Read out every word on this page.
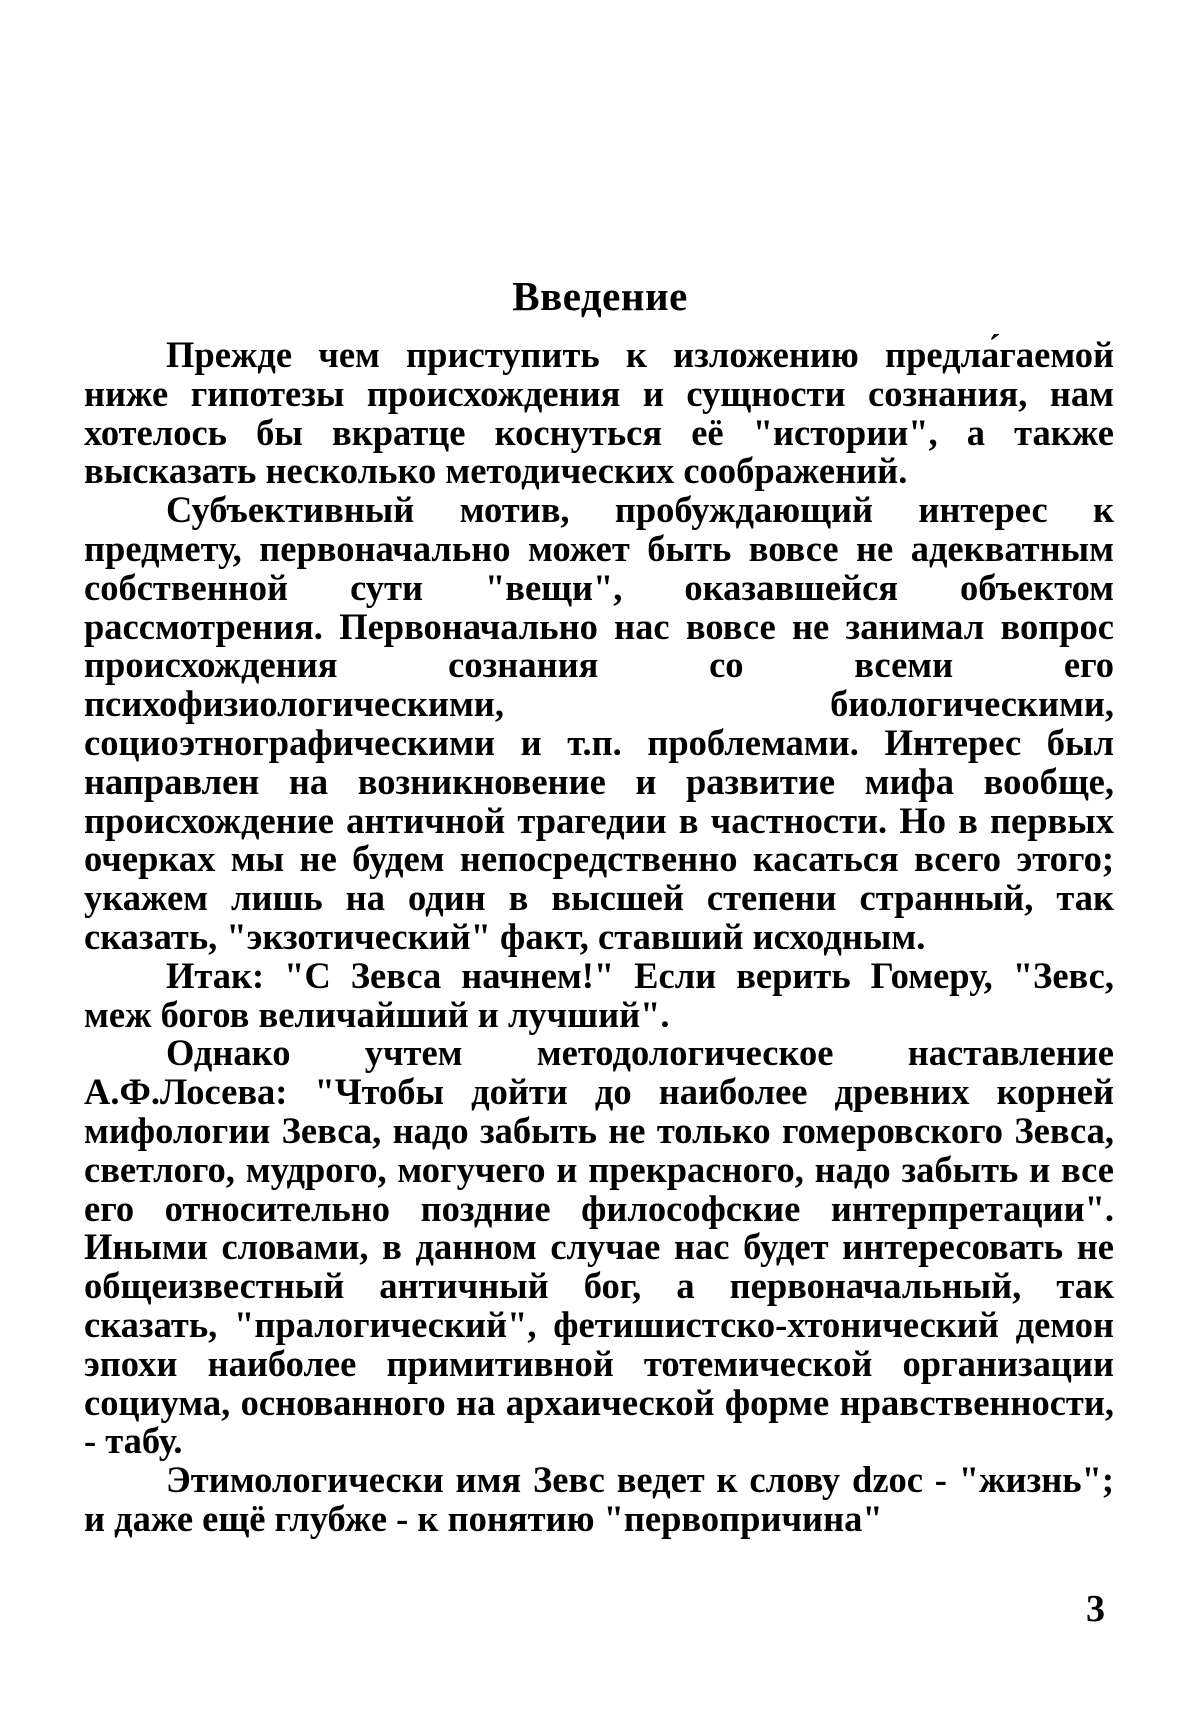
Введение

Прежде чем приступить к изложению предла́гаемой ниже гипотезы происхождения и сущности сознания, нам хотелось бы вкратце коснуться её "истории", а также высказать несколько методических соображений.

Субъективный мотив, пробуждающий интерес к предмету, первоначально может быть вовсе не адекватным собственной сути "вещи", оказавшейся объектом рассмотрения. Первоначально нас вовсе не занимал вопрос происхождения сознания со всеми его психофизиологическими, биологическими, социоэтнографическими и т.п. проблемами. Интерес был направлен на возникновение и развитие мифа вообще, происхождение античной трагедии в частности. Но в первых очерках мы не будем непосредственно касаться всего этого; укажем лишь на один в высшей степени странный, так сказать, "экзотический" факт, ставший исходным.

Итак: "С Зевса начнем!" Если верить Гомеру, "Зевс, меж богов величайший и лучший".

Однако учтем методологическое наставление А.Ф.Лосева: "Чтобы дойти до наиболее древних корней мифологии Зевса, надо забыть не только гомеровского Зевса, светлого, мудрого, могучего и прекрасного, надо забыть и все его относительно поздние философские интерпретации". Иными словами, в данном случае нас будет интересовать не общеизвестный античный бог, а первоначальный, так сказать, "пралогический", фетишистско-хтонический демон эпохи наиболее примитивной тотемической организации социума, основанного на архаической форме нравственности, - табу.

Этимологически имя Зевс ведет к слову dzoc - "жизнь"; и даже ещё глубже - к понятию "первопричина"

3
